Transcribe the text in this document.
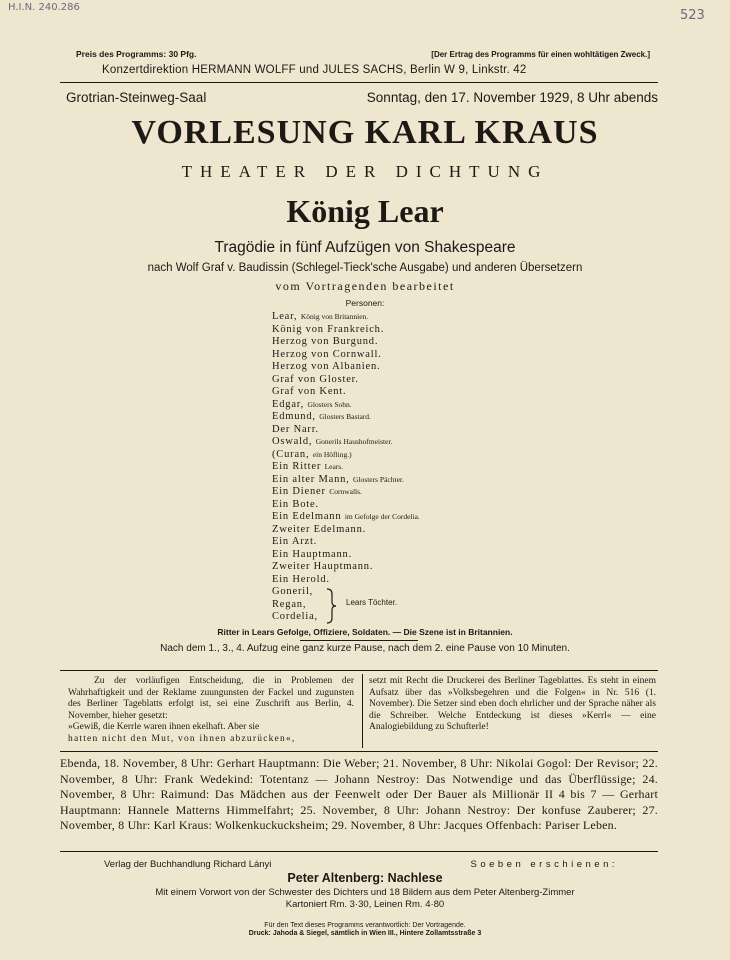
H.I.N. 240.286
523
Preis des Programms: 30 Pfg.	[Der Ertrag des Programms für einen wohltätigen Zweck.]
Konzertdirektion HERMANN WOLFF und JULES SACHS, Berlin W 9, Linkstr. 42
Grotrian-Steinweg-Saal	Sonntag, den 17. November 1929, 8 Uhr abends
VORLESUNG KARL KRAUS
THEATER DER DICHTUNG
König Lear
Tragödie in fünf Aufzügen von Shakespeare
nach Wolf Graf v. Baudissin (Schlegel-Tieck'sche Ausgabe) und anderen Übersetzern
vom Vortragenden bearbeitet
Personen:
Lear, König von Britannien.
König von Frankreich.
Herzog von Burgund.
Herzog von Cornwall.
Herzog von Albanien.
Graf von Gloster.
Graf von Kent.
Edgar, Glosters Sohn.
Edmund, Glosters Bastard.
Der Narr.
Oswald, Gonerils Haushofmeister.
(Curan, ein Höfling.)
Ein Ritter Lears.
Ein alter Mann, Glosters Pächter.
Ein Diener Cornwalls.
Ein Bote.
Ein Edelmann im Gefolge der Cordelia.
Zweiter Edelmann.
Ein Arzt.
Ein Hauptmann.
Zweiter Hauptmann.
Ein Herold.
Goneril,
Regan,
Cordelia,
Lears Töchter.
Ritter in Lears Gefolge, Offiziere, Soldaten. — Die Szene ist in Britannien.
Nach dem 1., 3., 4. Aufzug eine ganz kurze Pause, nach dem 2. eine Pause von 10 Minuten.

Zu der vorläufigen Entscheidung, die in Problemen der Wahrhaftigkeit und der Reklame zuungunsten der Fackel und zugunsten des Berliner Tageblatts erfolgt ist, sei eine Zuschrift aus Berlin, 4. November, hieher gesetzt:

»Gewiß, die Kerrle waren ihnen ekelhaft. Aber sie

hatten nicht den Mut, von ihnen abzurücken«,

setzt mit Recht die Druckerei des Berliner Tageblattes. Es steht in einem Aufsatz über das »Volksbegehren und die Folgen« in Nr. 516 (1. November). Die Setzer sind eben doch ehrlicher und der Sprache näher als die Schreiber. Welche Entdeckung ist dieses »Kerrl« — eine Analogiebildung zu Schufterle!

Ebenda, 18. November, 8 Uhr: Gerhart Hauptmann: Die Weber; 21. November, 8 Uhr: Nikolai Gogol: Der Revisor; 22. November, 8 Uhr: Frank Wedekind: Totentanz — Johann Nestroy: Das Notwendige und das Überflüssige; 24. November, 8 Uhr: Raimund: Das Mädchen aus der Feenwelt oder Der Bauer als Millionär II 4 bis 7 — Gerhart Hauptmann: Hannele Matterns Himmelfahrt; 25. November, 8 Uhr: Johann Nestroy: Der konfuse Zauberer; 27. November, 8 Uhr: Karl Kraus: Wolkenkuckucksheim; 29. November, 8 Uhr: Jacques Offenbach: Pariser Leben.
Verlag der Buchhandlung Richard Lányi	Soeben erschienen:
Peter Altenberg: Nachlese
Mit einem Vorwort von der Schwester des Dichters und 18 Bildern aus dem Peter Altenberg-Zimmer
Kartoniert Rm. 3·30, Leinen Rm. 4·80
Für den Text dieses Programms verantwortlich: Der Vortragende.
Druck: Jahoda & Siegel, sämtlich in Wien III., Hintere Zollamtsstraße 3
